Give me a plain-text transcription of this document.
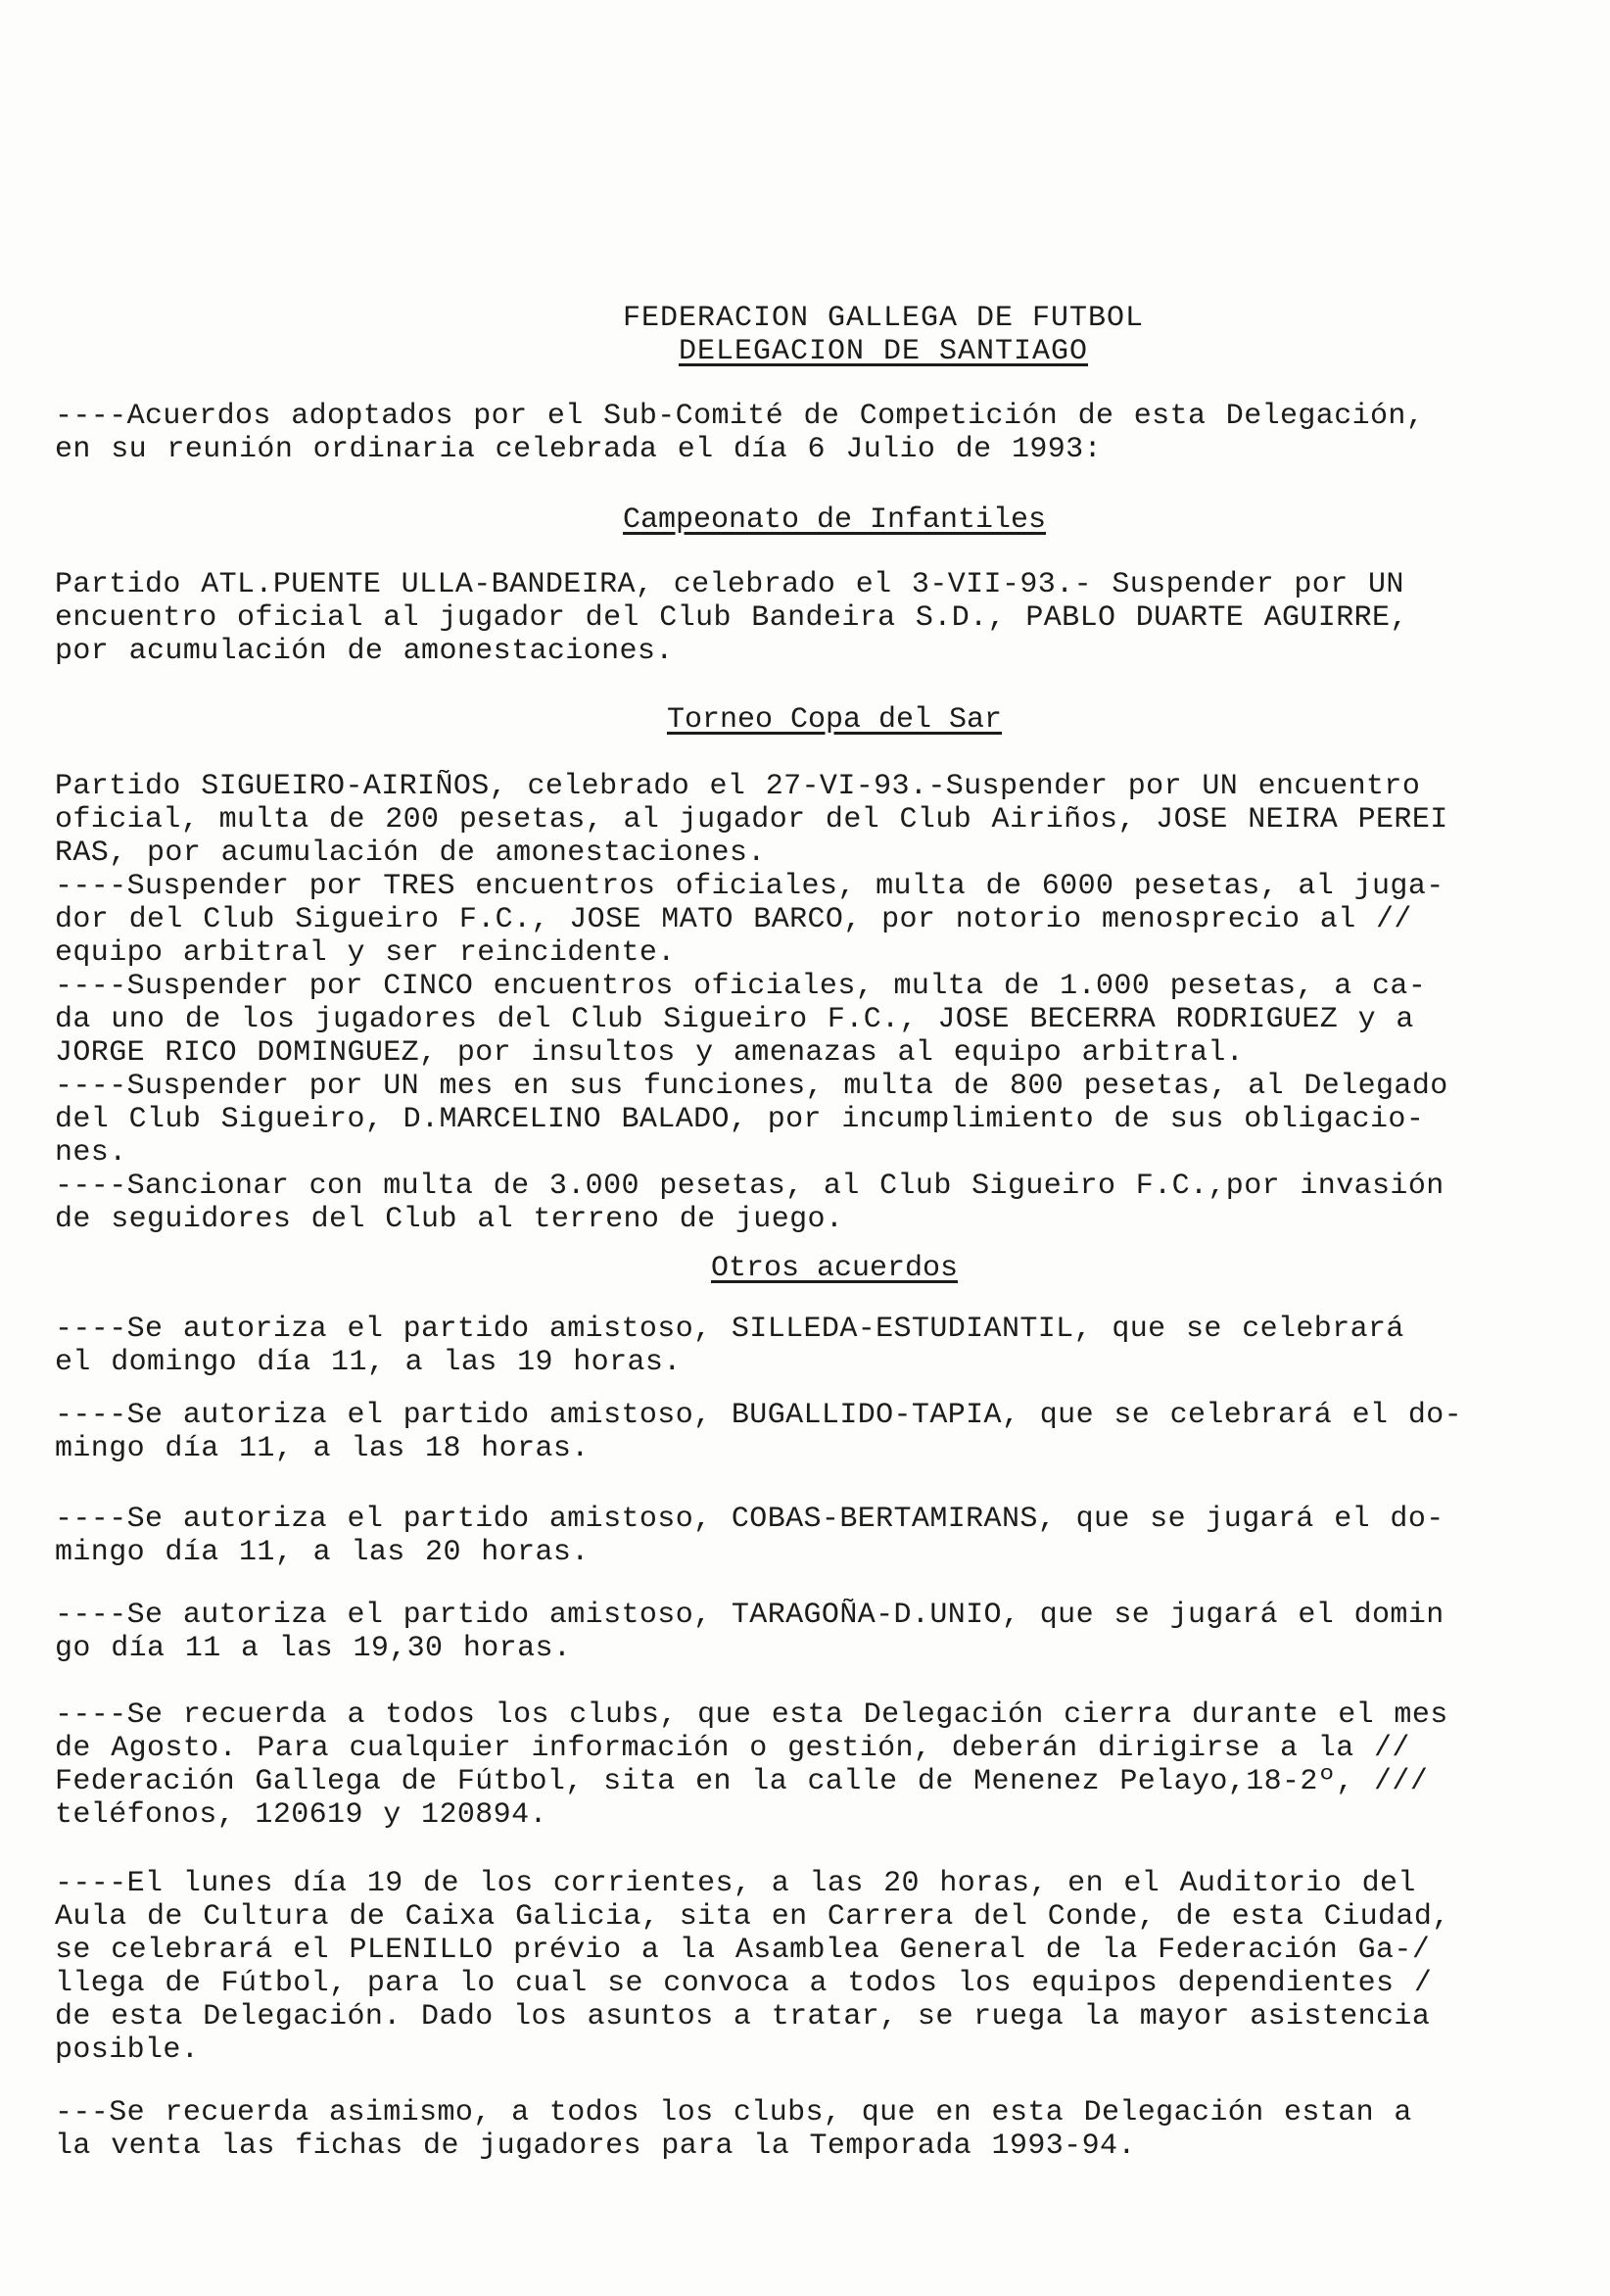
FEDERACION GALLEGA DE FUTBOL
DELEGACION DE SANTIAGO
----Acuerdos adoptados por el Sub-Comité de Competición de esta Delegación,
en su reunión ordinaria celebrada el día 6 Julio de 1993:
Campeonato de Infantiles
Partido ATL.PUENTE ULLA-BANDEIRA, celebrado el 3-VII-93.- Suspender por UN
encuentro oficial al jugador del Club Bandeira S.D., PABLO DUARTE AGUIRRE,
por acumulación de amonestaciones.
Torneo Copa del Sar
Partido SIGUEIRO-AIRIÑOS, celebrado el 27-VI-93.-Suspender por UN encuentro
oficial, multa de 200 pesetas, al jugador del Club Airiños, JOSE NEIRA PEREI
RAS, por acumulación de amonestaciones.
----Suspender por TRES encuentros oficiales, multa de 6000 pesetas, al juga-
dor del Club Sigueiro F.C., JOSE MATO BARCO, por notorio menosprecio al //
equipo arbitral y ser reincidente.
----Suspender por CINCO encuentros oficiales, multa de 1.000 pesetas, a ca-
da uno de los jugadores del Club Sigueiro F.C., JOSE BECERRA RODRIGUEZ y a
JORGE RICO DOMINGUEZ, por insultos y amenazas al equipo arbitral.
----Suspender por UN mes en sus funciones, multa de 800 pesetas, al Delegado
del Club Sigueiro, D.MARCELINO BALADO, por incumplimiento de sus obligacio-
nes.
----Sancionar con multa de 3.000 pesetas, al Club Sigueiro F.C.,por invasión
de seguidores del Club al terreno de juego.
Otros acuerdos
----Se autoriza el partido amistoso, SILLEDA-ESTUDIANTIL, que se celebrará
el domingo día 11, a las 19 horas.
----Se autoriza el partido amistoso, BUGALLIDO-TAPIA, que se celebrará el do-
mingo día 11, a las 18 horas.
----Se autoriza el partido amistoso, COBAS-BERTAMIRANS, que se jugará el do-
mingo día 11, a las 20 horas.
----Se autoriza el partido amistoso, TARAGOÑA-D.UNIO, que se jugará el domin
go día 11 a las 19,30 horas.
----Se recuerda a todos los clubs, que esta Delegación cierra durante el mes
de Agosto. Para cualquier información o gestión, deberán dirigirse a la //
Federación Gallega de Fútbol, sita en la calle de Menenez Pelayo,18-2º, ///
teléfonos, 120619 y 120894.
----El lunes día 19 de los corrientes, a las 20 horas, en el Auditorio del
Aula de Cultura de Caixa Galicia, sita en Carrera del Conde, de esta Ciudad,
se celebrará el PLENILLO prévio a la Asamblea General de la Federación Ga-/
llega de Fútbol, para lo cual se convoca a todos los equipos dependientes /
de esta Delegación. Dado los asuntos a tratar, se ruega la mayor asistencia
posible.
---Se recuerda asimismo, a todos los clubs, que en esta Delegación estan a
la venta las fichas de jugadores para la Temporada 1993-94.
